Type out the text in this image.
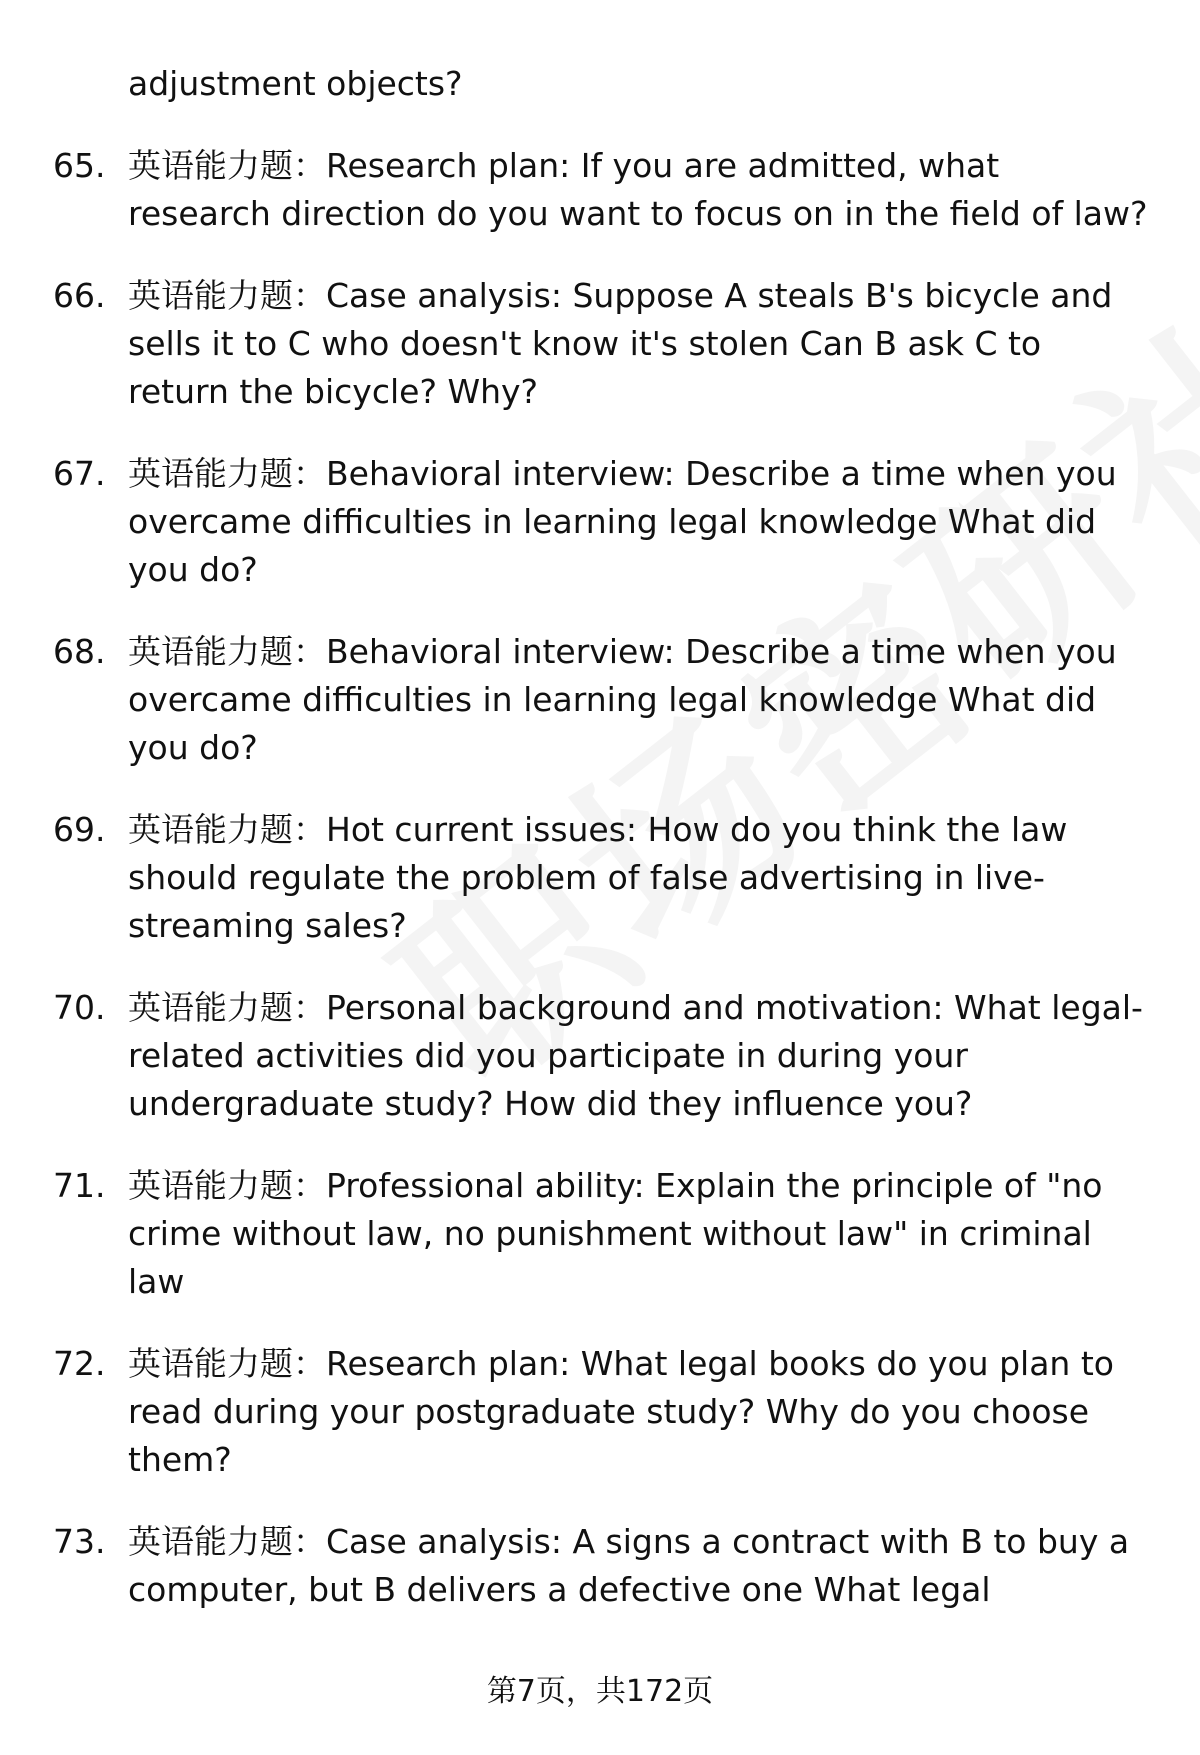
adjustment objects?
65. 英语能力题：Research plan: If you are admitted, what research direction do you want to focus on in the field of law?
66. 英语能力题：Case analysis: Suppose A steals B's bicycle and sells it to C who doesn't know it's stolen Can B ask C to return the bicycle? Why?
67. 英语能力题：Behavioral interview: Describe a time when you overcame difficulties in learning legal knowledge What did you do?
68. 英语能力题：Behavioral interview: Describe a time when you overcame difficulties in learning legal knowledge What did you do?
69. 英语能力题：Hot current issues: How do you think the law should regulate the problem of false advertising in live-streaming sales?
70. 英语能力题：Personal background and motivation: What legal-related activities did you participate in during your undergraduate study? How did they influence you?
71. 英语能力题：Professional ability: Explain the principle of "no crime without law, no punishment without law" in criminal law
72. 英语能力题：Research plan: What legal books do you plan to read during your postgraduate study? Why do you choose them?
73. 英语能力题：Case analysis: A signs a contract with B to buy a computer, but B delivers a defective one What legal
第7页，共172页
